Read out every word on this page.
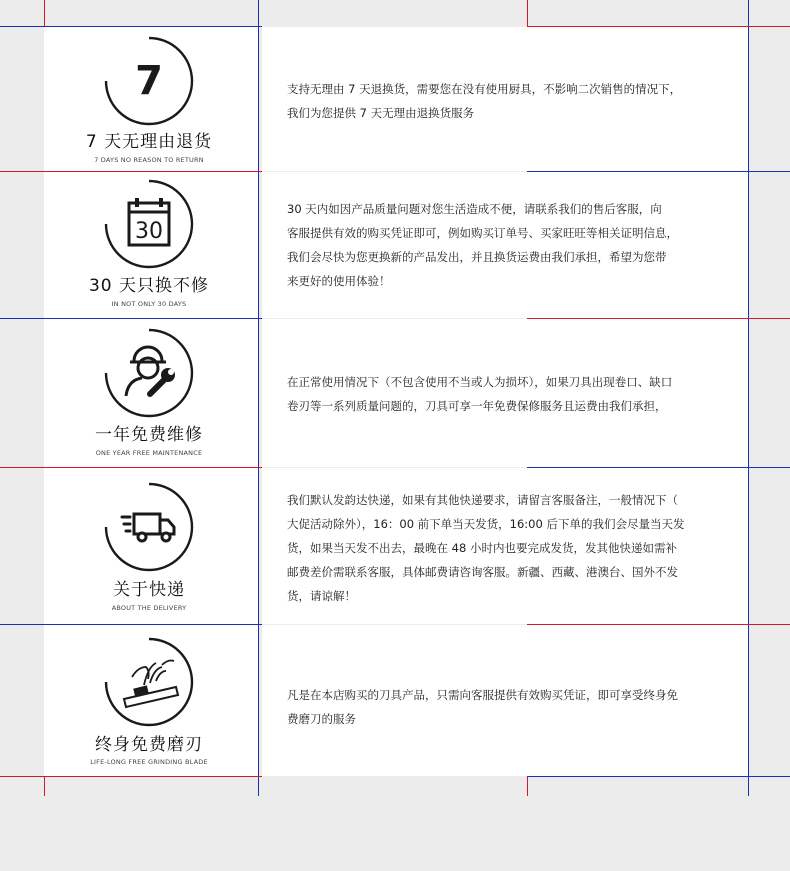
7
7 天无理由退货
7 DAYS NO REASON TO RETURN
支持无理由 7 天退换货，需要您在没有使用厨具，不影响二次销售的情况下，
我们为您提供 7 天无理由退换货服务
30
30 天只换不修
IN NOT ONLY 30 DAYS
30 天内如因产品质量问题对您生活造成不便，请联系我们的售后客服，向
客服提供有效的购买凭证即可，例如购买订单号、买家旺旺等相关证明信息，
我们会尽快为您更换新的产品发出，并且换货运费由我们承担，希望为您带
来更好的使用体验！
一年免费维修
ONE YEAR FREE MAINTENANCE
在正常使用情况下（不包含使用不当或人为损坏），如果刀具出现卷口、缺口
卷刃等一系列质量问题的，刀具可享一年免费保修服务且运费由我们承担，
关于快递
ABOUT THE DELIVERY
我们默认发韵达快递，如果有其他快递要求，请留言客服备注，一般情况下（
大促活动除外），16：00 前下单当天发货，16:00 后下单的我们会尽量当天发
货，如果当天发不出去，最晚在 48 小时内也要完成发货，发其他快递如需补
邮费差价需联系客服，具体邮费请咨询客服。新疆、西藏、港澳台、国外不发
货，请谅解！
终身免费磨刃
LIFE-LONG FREE GRINDING BLADE
凡是在本店购买的刀具产品，只需向客服提供有效购买凭证，即可享受终身免
费磨刀的服务
